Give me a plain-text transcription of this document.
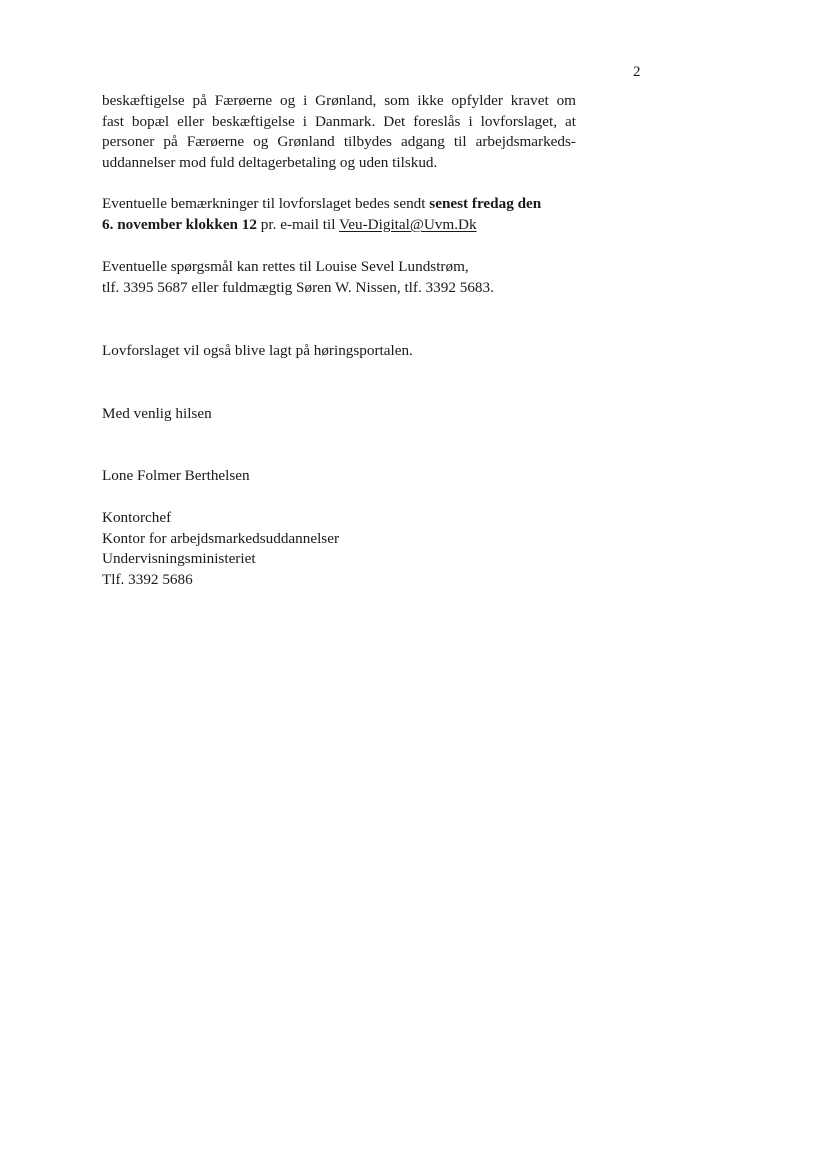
2
beskæftigelse på Færøerne og i Grønland, som ikke opfylder kravet om
fast bopæl eller beskæftigelse i Danmark. Det foreslås i lovforslaget, at
personer på Færøerne og Grønland tilbydes adgang til arbejdsmarkeds-
uddannelser mod fuld deltagerbetaling og uden tilskud.
Eventuelle bemærkninger til lovforslaget bedes sendt senest fredag den
6. november klokken 12 pr. e-mail til Veu-Digital@Uvm.Dk
Eventuelle spørgsmål kan rettes til Louise Sevel Lundstrøm,
tlf. 3395 5687 eller fuldmægtig Søren W. Nissen, tlf. 3392 5683.
Lovforslaget vil også blive lagt på høringsportalen.
Med venlig hilsen
Lone Folmer Berthelsen
Kontorchef
Kontor for arbejdsmarkedsuddannelser
Undervisningsministeriet
Tlf. 3392 5686
